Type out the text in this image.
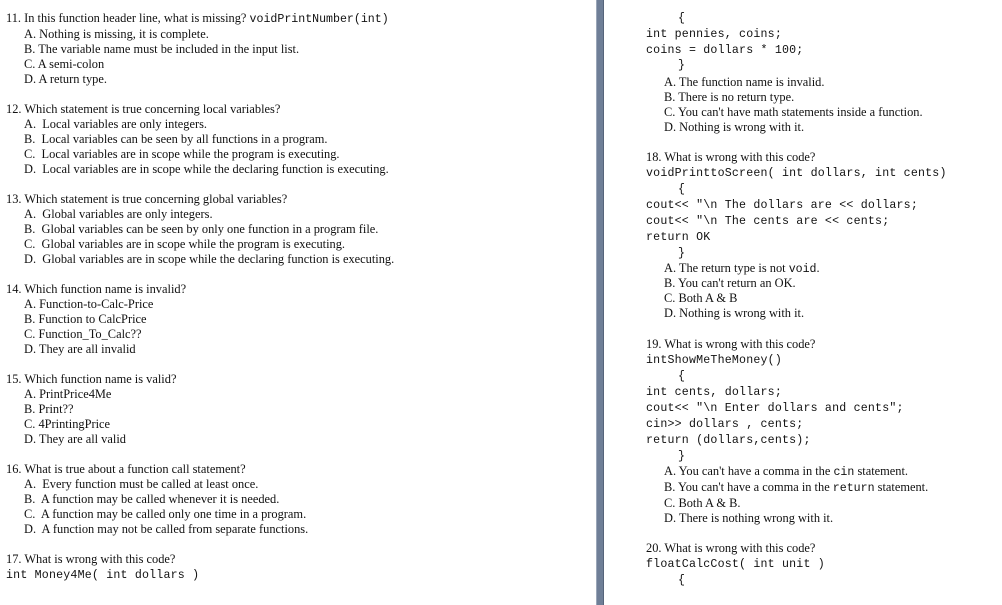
11. In this function header line, what is missing? voidPrintNumber(int)
A. Nothing is missing, it is complete.
B. The variable name must be included in the input list.
C. A semi-colon
D. A return type.
12. Which statement is true concerning local variables?
A.  Local variables are only integers.
B.  Local variables can be seen by all functions in a program.
C.  Local variables are in scope while the program is executing.
D.  Local variables are in scope while the declaring function is executing.
13. Which statement is true concerning global variables?
A.  Global variables are only integers.
B.  Global variables can be seen by only one function in a program file.
C.  Global variables are in scope while the program is executing.
D.  Global variables are in scope while the declaring function is executing.
14. Which function name is invalid?
A. Function-to-Calc-Price
B. Function to CalcPrice
C. Function_To_Calc??
D. They are all invalid
15. Which function name is valid?
A. PrintPrice4Me
B. Print??
C. 4PrintingPrice
D. They are all valid
16. What is true about a function call statement?
A.  Every function must be called at least once.
B.  A function may be called whenever it is needed.
C.  A function may be called only one time in a program.
D.  A function may not be called from separate functions.
17. What is wrong with this code?
int Money4Me( int dollars )
{
int pennies, coins;
coins = dollars * 100;
}
A. The function name is invalid.
B. There is no return type.
C. You can't have math statements inside a function.
D. Nothing is wrong with it.
18. What is wrong with this code?
voidPrinttoScreen( int dollars, int cents)
{
cout<< "\n The dollars are << dollars;
cout<< "\n The cents are << cents;
return OK
}
A. The return type is not void.
B. You can't return an OK.
C. Both A & B
D. Nothing is wrong with it.
19. What is wrong with this code?
intShowMeTheMoney()
{
int cents, dollars;
cout<< "\n Enter dollars and cents";
cin>> dollars , cents;
return (dollars,cents);
}
A. You can't have a comma in the cin statement.
B. You can't have a comma in the return statement.
C. Both A & B.
D. There is nothing wrong with it.
20. What is wrong with this code?
floatCalcCost( int unit )
{
